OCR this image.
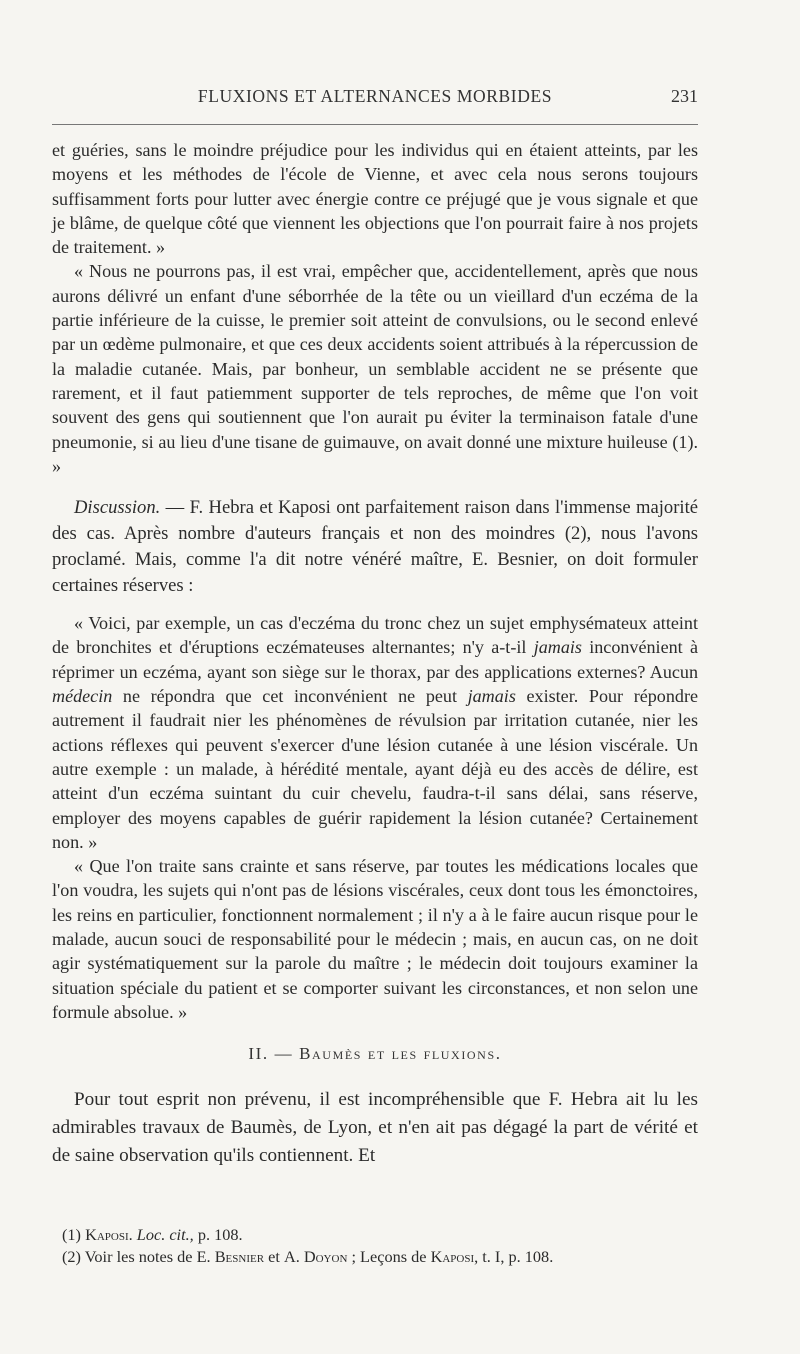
FLUXIONS ET ALTERNANCES MORBIDES	231

et guéries, sans le moindre préjudice pour les individus qui en étaient atteints, par les moyens et les méthodes de l'école de Vienne, et avec cela nous serons toujours suffisamment forts pour lutter avec énergie contre ce préjugé que je vous signale et que je blâme, de quelque côté que viennent les objections que l'on pourrait faire à nos projets de traitement. »

« Nous ne pourrons pas, il est vrai, empêcher que, accidentellement, après que nous aurons délivré un enfant d'une séborrhée de la tête ou un vieillard d'un eczéma de la partie inférieure de la cuisse, le premier soit atteint de convulsions, ou le second enlevé par un œdème pulmonaire, et que ces deux accidents soient attribués à la répercussion de la maladie cutanée. Mais, par bonheur, un semblable accident ne se présente que rarement, et il faut patiemment supporter de tels reproches, de même que l'on voit souvent des gens qui soutiennent que l'on aurait pu éviter la terminaison fatale d'une pneumonie, si au lieu d'une tisane de guimauve, on avait donné une mixture huileuse (1). »

Discussion. — F. Hebra et Kaposi ont parfaitement raison dans l'immense majorité des cas. Après nombre d'auteurs français et non des moindres (2), nous l'avons proclamé. Mais, comme l'a dit notre vénéré maître, E. Besnier, on doit formuler certaines réserves :

« Voici, par exemple, un cas d'eczéma du tronc chez un sujet emphysémateux atteint de bronchites et d'éruptions eczémateuses alternantes; n'y a-t-il jamais inconvénient à réprimer un eczéma, ayant son siège sur le thorax, par des applications externes? Aucun médecin ne répondra que cet inconvénient ne peut jamais exister. Pour répondre autrement il faudrait nier les phénomènes de révulsion par irritation cutanée, nier les actions réflexes qui peuvent s'exercer d'une lésion cutanée à une lésion viscérale. Un autre exemple : un malade, à hérédité mentale, ayant déjà eu des accès de délire, est atteint d'un eczéma suintant du cuir chevelu, faudra-t-il sans délai, sans réserve, employer des moyens capables de guérir rapidement la lésion cutanée? Certainement non. »

« Que l'on traite sans crainte et sans réserve, par toutes les médications locales que l'on voudra, les sujets qui n'ont pas de lésions viscérales, ceux dont tous les émonctoires, les reins en particulier, fonctionnent normalement ; il n'y a à le faire aucun risque pour le malade, aucun souci de responsabilité pour le médecin ; mais, en aucun cas, on ne doit agir systématiquement sur la parole du maître ; le médecin doit toujours examiner la situation spéciale du patient et se comporter suivant les circonstances, et non selon une formule absolue. »

II. — Baumès et les fluxions.

Pour tout esprit non prévenu, il est incompréhensible que F. Hebra ait lu les admirables travaux de Baumès, de Lyon, et n'en ait pas dégagé la part de vérité et de saine observation qu'ils contiennent. Et

(1) Kaposi. Loc. cit., p. 108.

(2) Voir les notes de E. Besnier et A. Doyon ; Leçons de Kaposi, t. I, p. 108.
